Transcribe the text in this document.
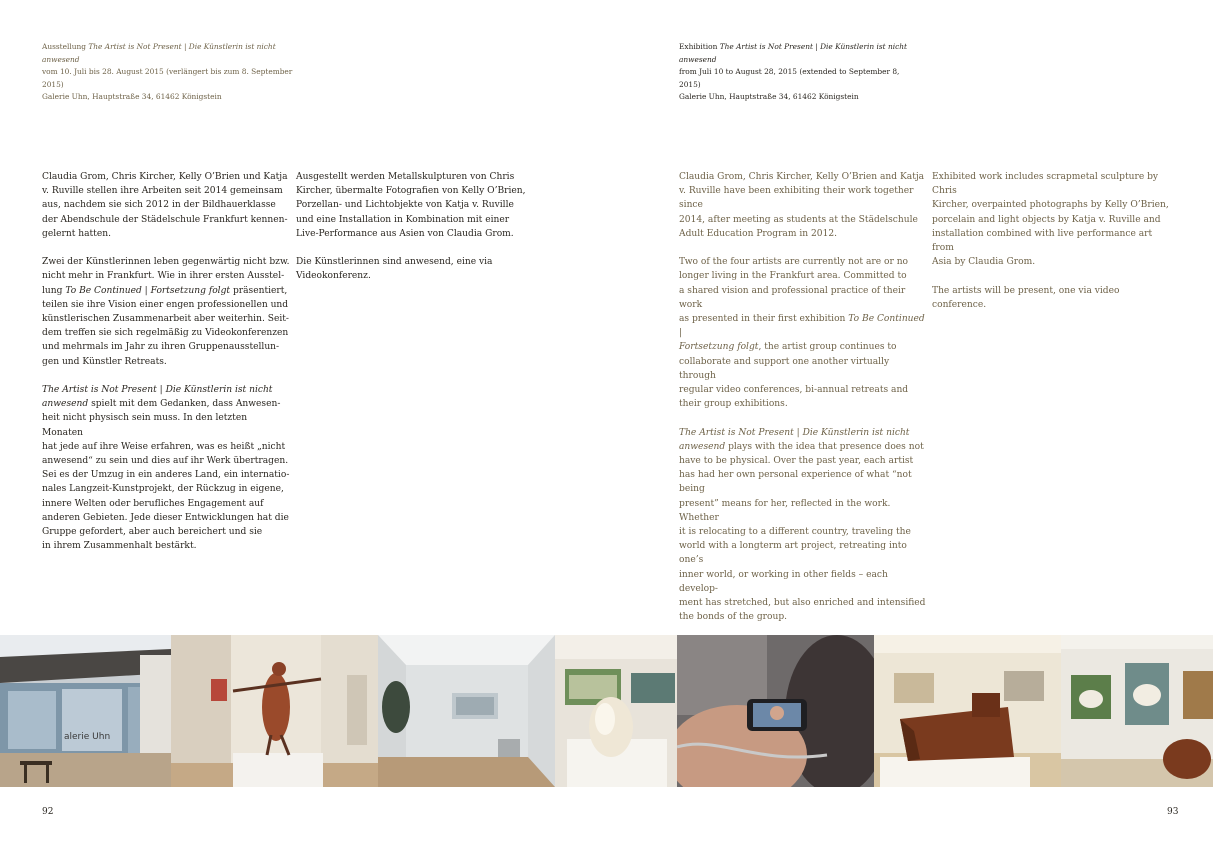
Ausstellung The Artist is Not Present | Die Künstlerin ist nicht anwesend
vom 10. Juli bis 28. August 2015 (verlängert bis zum 8. September 2015)
Galerie Uhn, Hauptstraße 34, 61462 Königstein

Claudia Grom, Chris Kircher, Kelly O’Brien und Katja
v. Ruville stellen ihre Arbeiten seit 2014 gemeinsam
aus, nachdem sie sich 2012 in der Bildhauerklasse
der Abendschule der Städelschule Frankfurt kennen-
gelernt hatten.

Zwei der Künstlerinnen leben gegenwärtig nicht bzw.
nicht mehr in Frankfurt. Wie in ihrer ersten Ausstel-
lung To Be Continued | Fortsetzung folgt präsentiert,
teilen sie ihre Vision einer engen professionellen und
künstlerischen Zusammenarbeit aber weiterhin. Seit-
dem treffen sie sich regelmäßig zu Videokonferenzen
und mehrmals im Jahr zu ihren Gruppenausstellun-
gen und Künstler Retreats.

The Artist is Not Present | Die Künstlerin ist nicht
anwesend spielt mit dem Gedanken, dass Anwesen-
heit nicht physisch sein muss. In den letzten Monaten
hat jede auf ihre Weise erfahren, was es heißt „nicht
anwesend“ zu sein und dies auf ihr Werk übertragen.
Sei es der Umzug in ein anderes Land, ein internatio-
nales Langzeit-Kunstprojekt, der Rückzug in eigene,
innere Welten oder berufliches Engagement auf
anderen Gebieten. Jede dieser Entwicklungen hat die
Gruppe gefordert, aber auch bereichert und sie
in ihrem Zusammenhalt bestärkt.

Ausgestellt werden Metallskulpturen von Chris
Kircher, übermalte Fotografien von Kelly O’Brien,
Porzellan- und Lichtobjekte von Katja v. Ruville
und eine Installation in Kombination mit einer
Live-Performance aus Asien von Claudia Grom.

Die Künstlerinnen sind anwesend, eine via
Videokonferenz.

92
Exhibition The Artist is Not Present | Die Künstlerin ist nicht
anwesend
from Juli 10 to August 28, 2015 (extended to September 8, 2015)
Galerie Uhn, Hauptstraße 34, 61462 Königstein

Claudia Grom, Chris Kircher, Kelly O’Brien and Katja
v. Ruville have been exhibiting their work together since
2014, after meeting as students at the Städelschule
Adult Education Program in 2012.

Two of the four artists are currently not are or no
longer living in the Frankfurt area. Committed to
a shared vision and professional practice of their work
as presented in their first exhibition To Be Continued |
Fortsetzung folgt, the artist group continues to
collaborate and support one another virtually through
regular video conferences, bi-annual retreats and
their group exhibitions.

The Artist is Not Present | Die Künstlerin ist nicht
anwesend plays with the idea that presence does not
have to be physical. Over the past year, each artist
has had her own personal experience of what “not being
present” means for her, reflected in the work. Whether
it is relocating to a different country, traveling the
world with a longterm art project, retreating into one’s
inner world, or working in other fields – each develop-
ment has stretched, but also enriched and intensified
the bonds of the group.

Exhibited work includes scrapmetal sculpture by Chris
Kircher, overpainted photographs by Kelly O’Brien,
porcelain and light objects by Katja v. Ruville and
installation combined with live performance art from
Asia by Claudia Grom.

The artists will be present, one via video conference.

93
alerie Uhn
